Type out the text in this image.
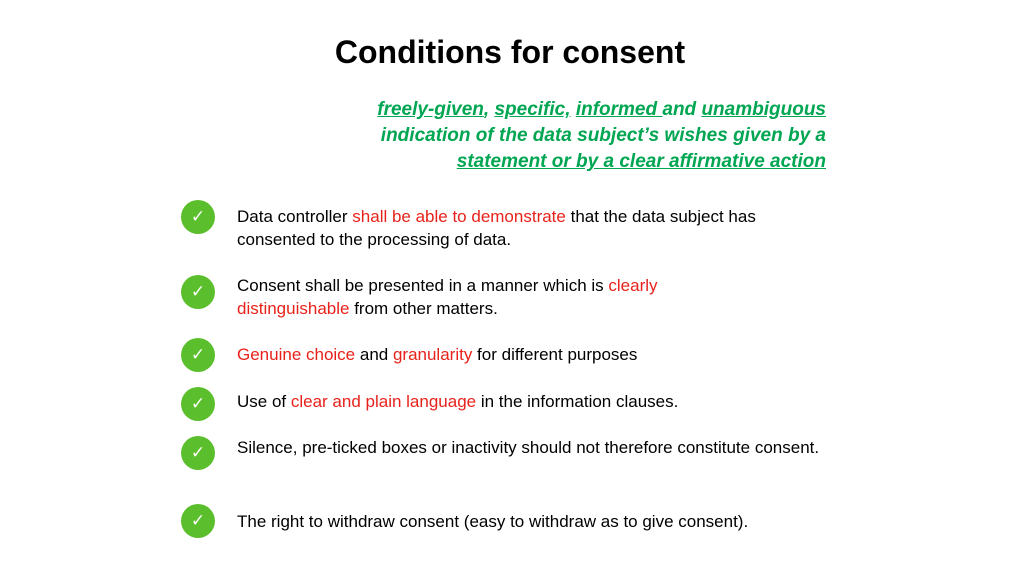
Conditions for consent
freely-given, specific, informed and unambiguous
indication of the data subject’s wishes given by a
statement or by a clear affirmative action
✓	Data controller shall be able to demonstrate that the data subject has consented to the processing of data.
✓	Consent shall be presented in a manner which is clearly distinguishable from other matters.
✓	Genuine choice and granularity for different purposes
✓	Use of clear and plain language in the information clauses.
✓	Silence, pre-ticked boxes or inactivity should not therefore constitute consent.
✓	The right to withdraw consent (easy to withdraw as to give consent).
